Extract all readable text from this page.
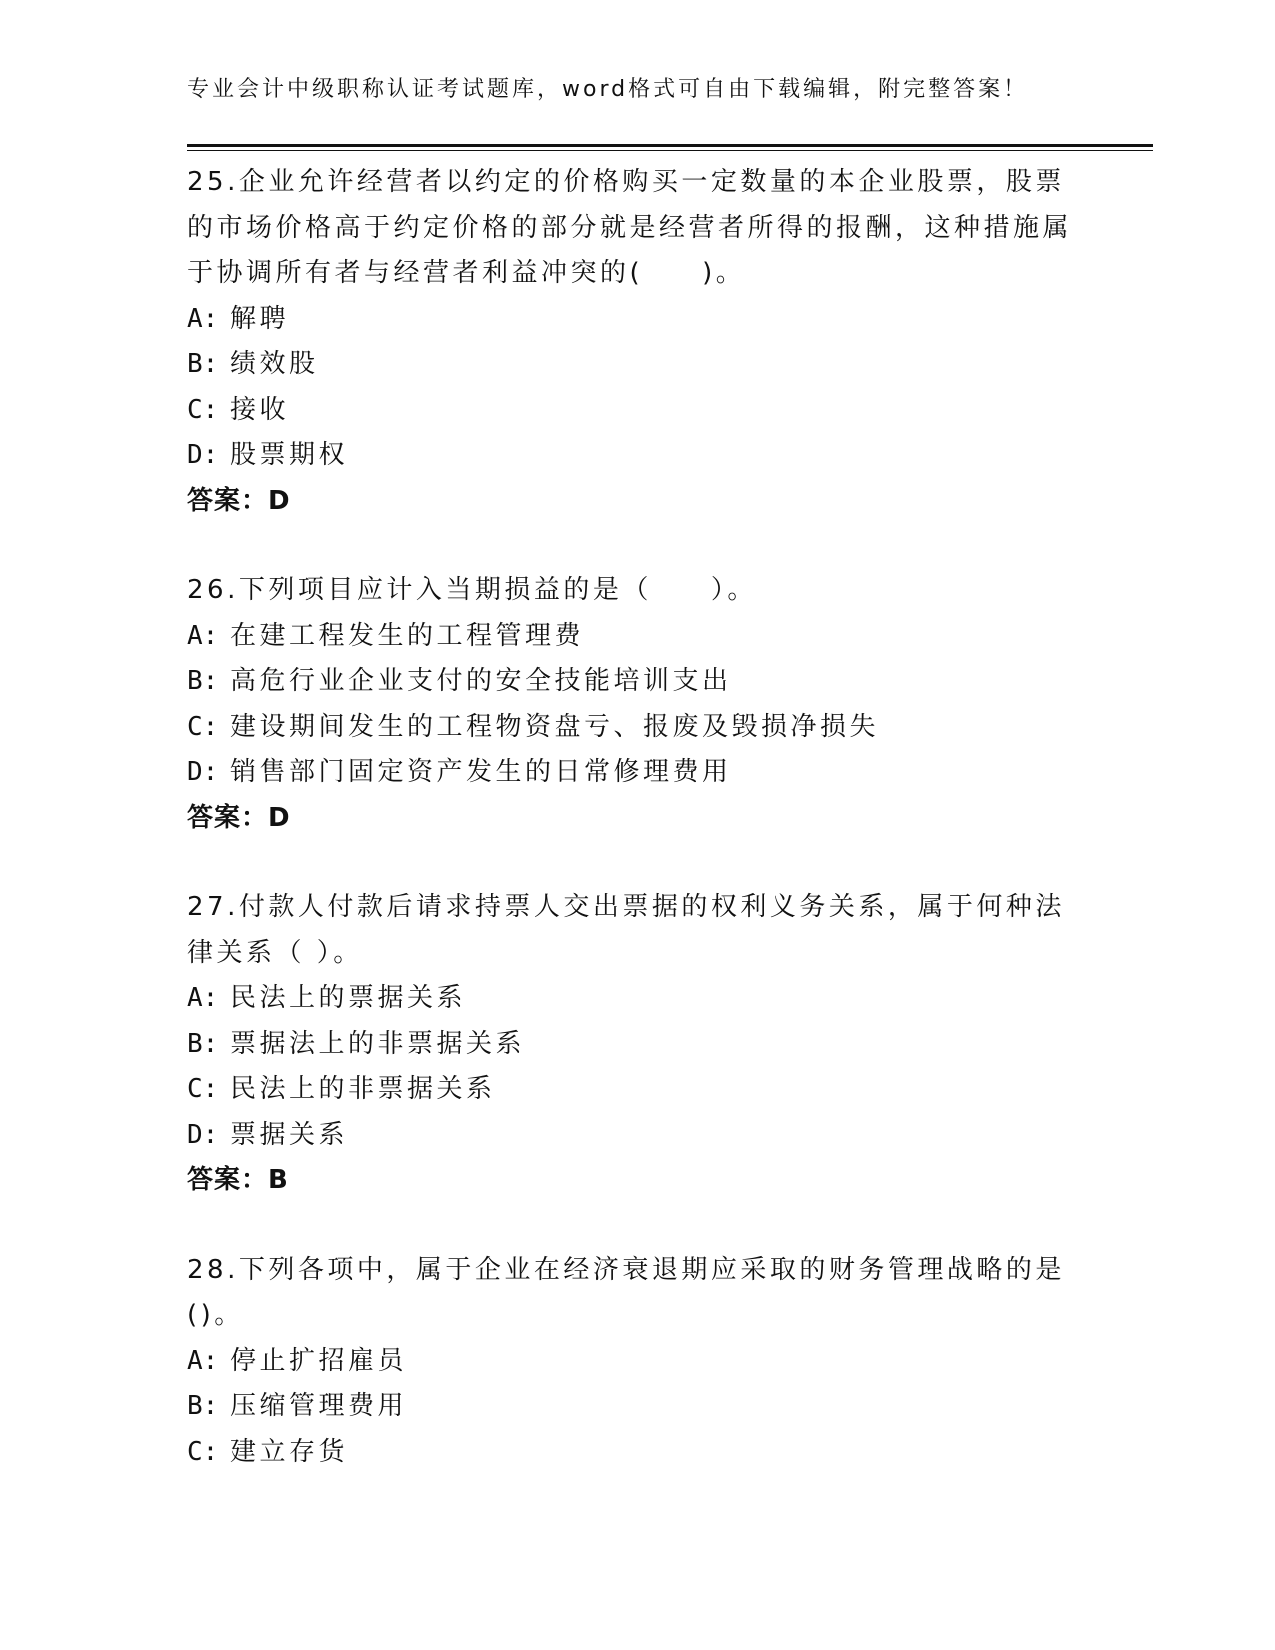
专业会计中级职称认证考试题库，word格式可自由下载编辑，附完整答案！

25.企业允许经营者以约定的价格购买一定数量的本企业股票，股票的市场价格高于约定价格的部分就是经营者所得的报酬，这种措施属于协调所有者与经营者利益冲突的(　　)。

A: 解聘

B: 绩效股

C: 接收

D: 股票期权

答案：D

26.下列项目应计入当期损益的是（　　）。

A: 在建工程发生的工程管理费

B: 高危行业企业支付的安全技能培训支出

C: 建设期间发生的工程物资盘亏、报废及毁损净损失

D: 销售部门固定资产发生的日常修理费用

答案：D

27.付款人付款后请求持票人交出票据的权利义务关系，属于何种法律关系（ ）。

A: 民法上的票据关系

B: 票据法上的非票据关系

C: 民法上的非票据关系

D: 票据关系

答案：B

28.下列各项中，属于企业在经济衰退期应采取的财务管理战略的是()。

A: 停止扩招雇员

B: 压缩管理费用

C: 建立存货
